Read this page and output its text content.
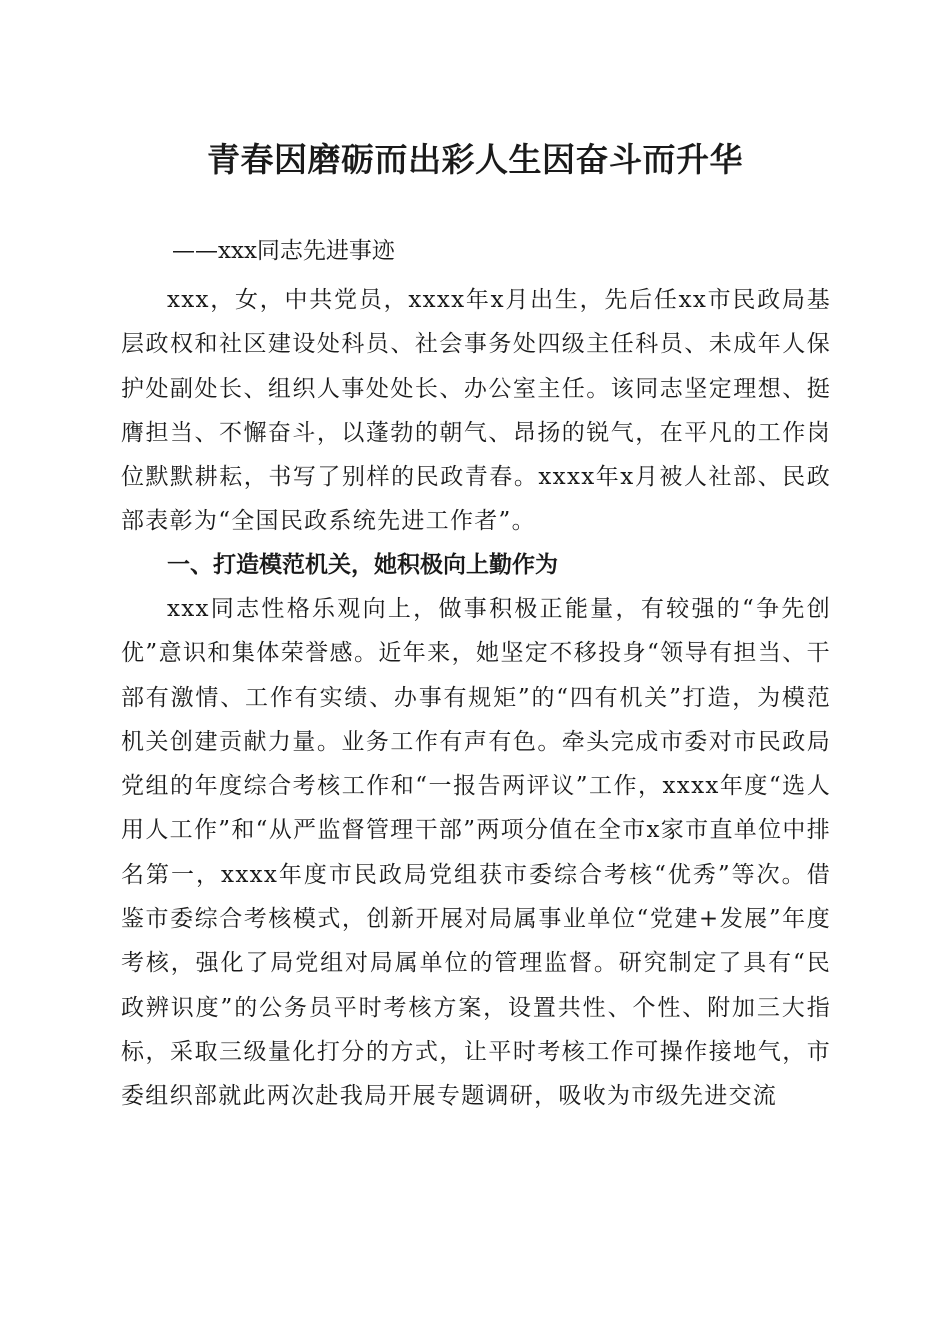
青春因磨砺而出彩人生因奋斗而升华

——xxx同志先进事迹

xxx，女，中共党员，xxxx年x月出生，先后任xx市民政局基层政权和社区建设处科员、社会事务处四级主任科员、未成年人保护处副处长、组织人事处处长、办公室主任。该同志坚定理想、挺膺担当、不懈奋斗，以蓬勃的朝气、昂扬的锐气，在平凡的工作岗位默默耕耘，书写了别样的民政青春。xxxx年x月被人社部、民政部表彰为“全国民政系统先进工作者”。

一、打造模范机关，她积极向上勤作为

xxx同志性格乐观向上，做事积极正能量，有较强的“争先创优”意识和集体荣誉感。近年来，她坚定不移投身“领导有担当、干部有激情、工作有实绩、办事有规矩”的“四有机关”打造，为模范机关创建贡献力量。业务工作有声有色。牵头完成市委对市民政局党组的年度综合考核工作和“一报告两评议”工作，xxxx年度“选人用人工作”和“从严监督管理干部”两项分值在全市x家市直单位中排名第一，xxxx年度市民政局党组获市委综合考核“优秀”等次。借鉴市委综合考核模式，创新开展对局属事业单位“党建+发展”年度考核，强化了局党组对局属单位的管理监督。研究制定了具有“民政辨识度”的公务员平时考核方案，设置共性、个性、附加三大指标，采取三级量化打分的方式，让平时考核工作可操作接地气，市委组织部就此两次赴我局开展专题调研，吸收为市级先进交流
